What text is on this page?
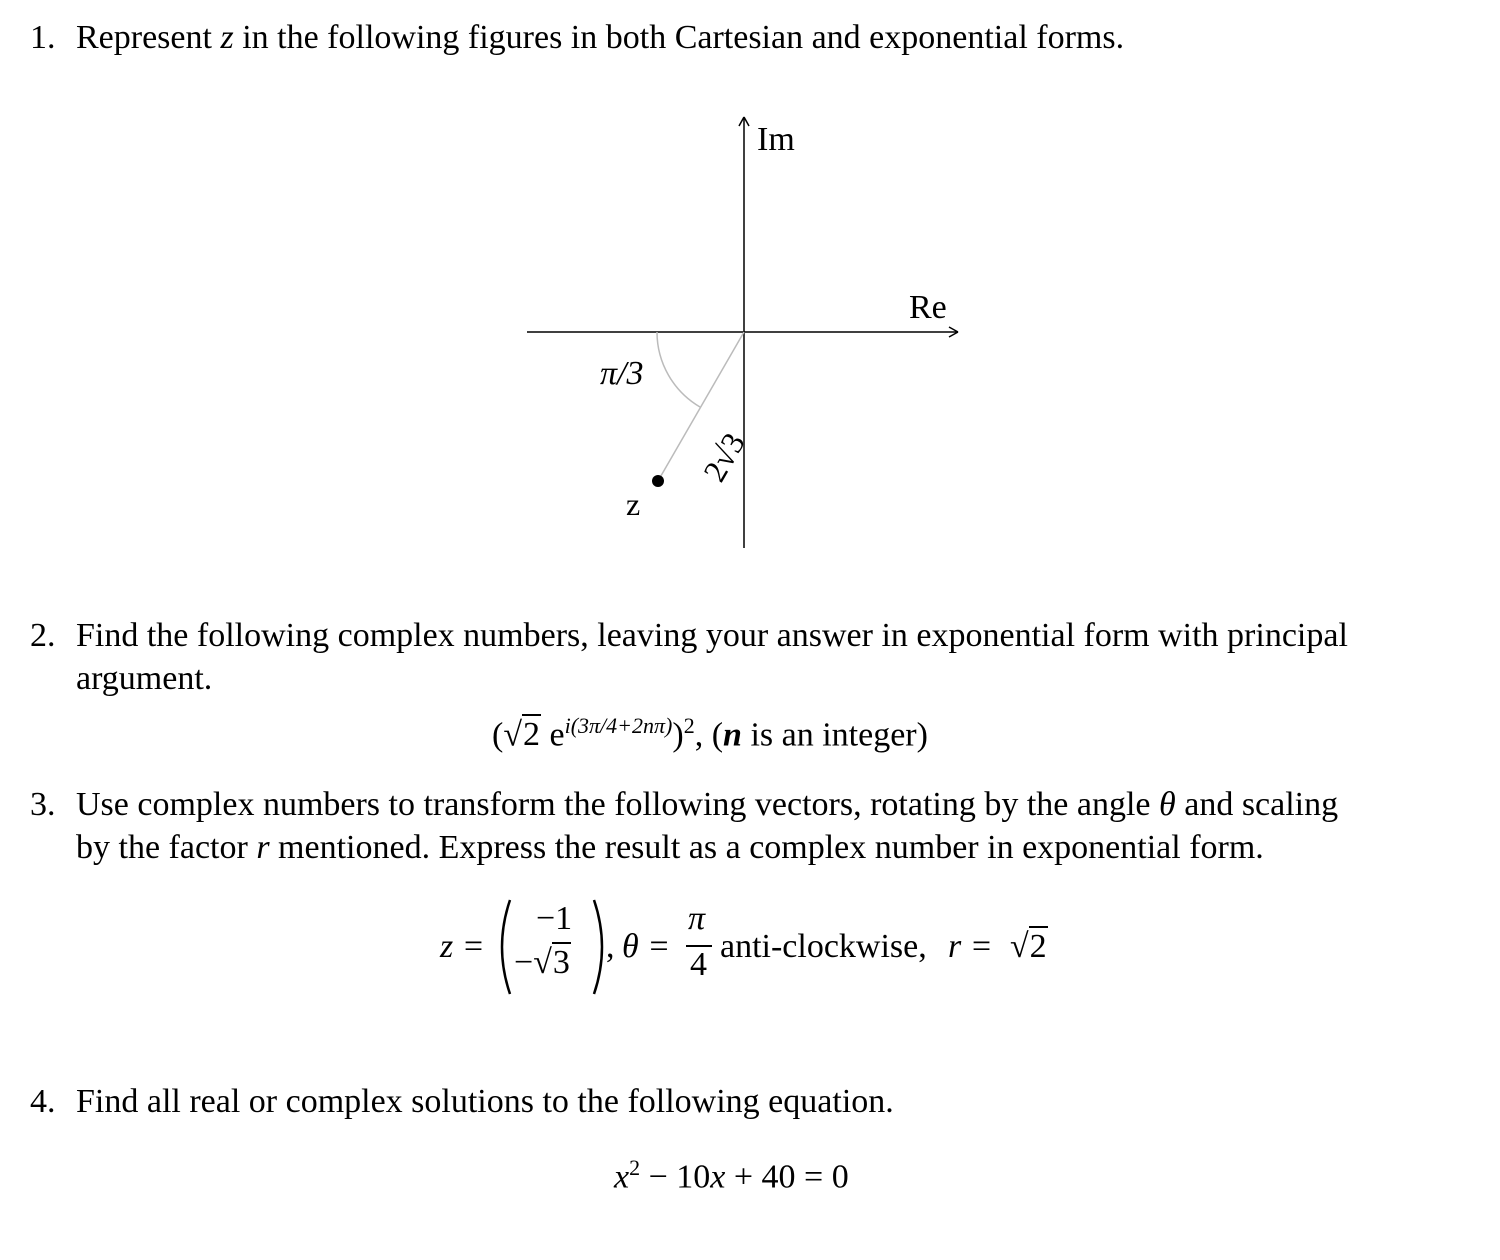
1. Represent z in the following figures in both Cartesian and exponential forms.
Im
Re
π/3
2√3
z
2. Find the following complex numbers, leaving your answer in exponential form with principal
argument.
(√2 $e^{i(3\pi/4+2n\pi)})^2$, (n is an integer)
3. Use complex numbers to transform the following vectors, rotating by the angle θ and scaling
by the factor r mentioned. Express the result as a complex number in exponential form.
z =
−1
−√3 , θ =
π
4 anti-clockwise, r = √2
4. Find all real or complex solutions to the following equation.
$x^2 - 10x + 40 = 0$
